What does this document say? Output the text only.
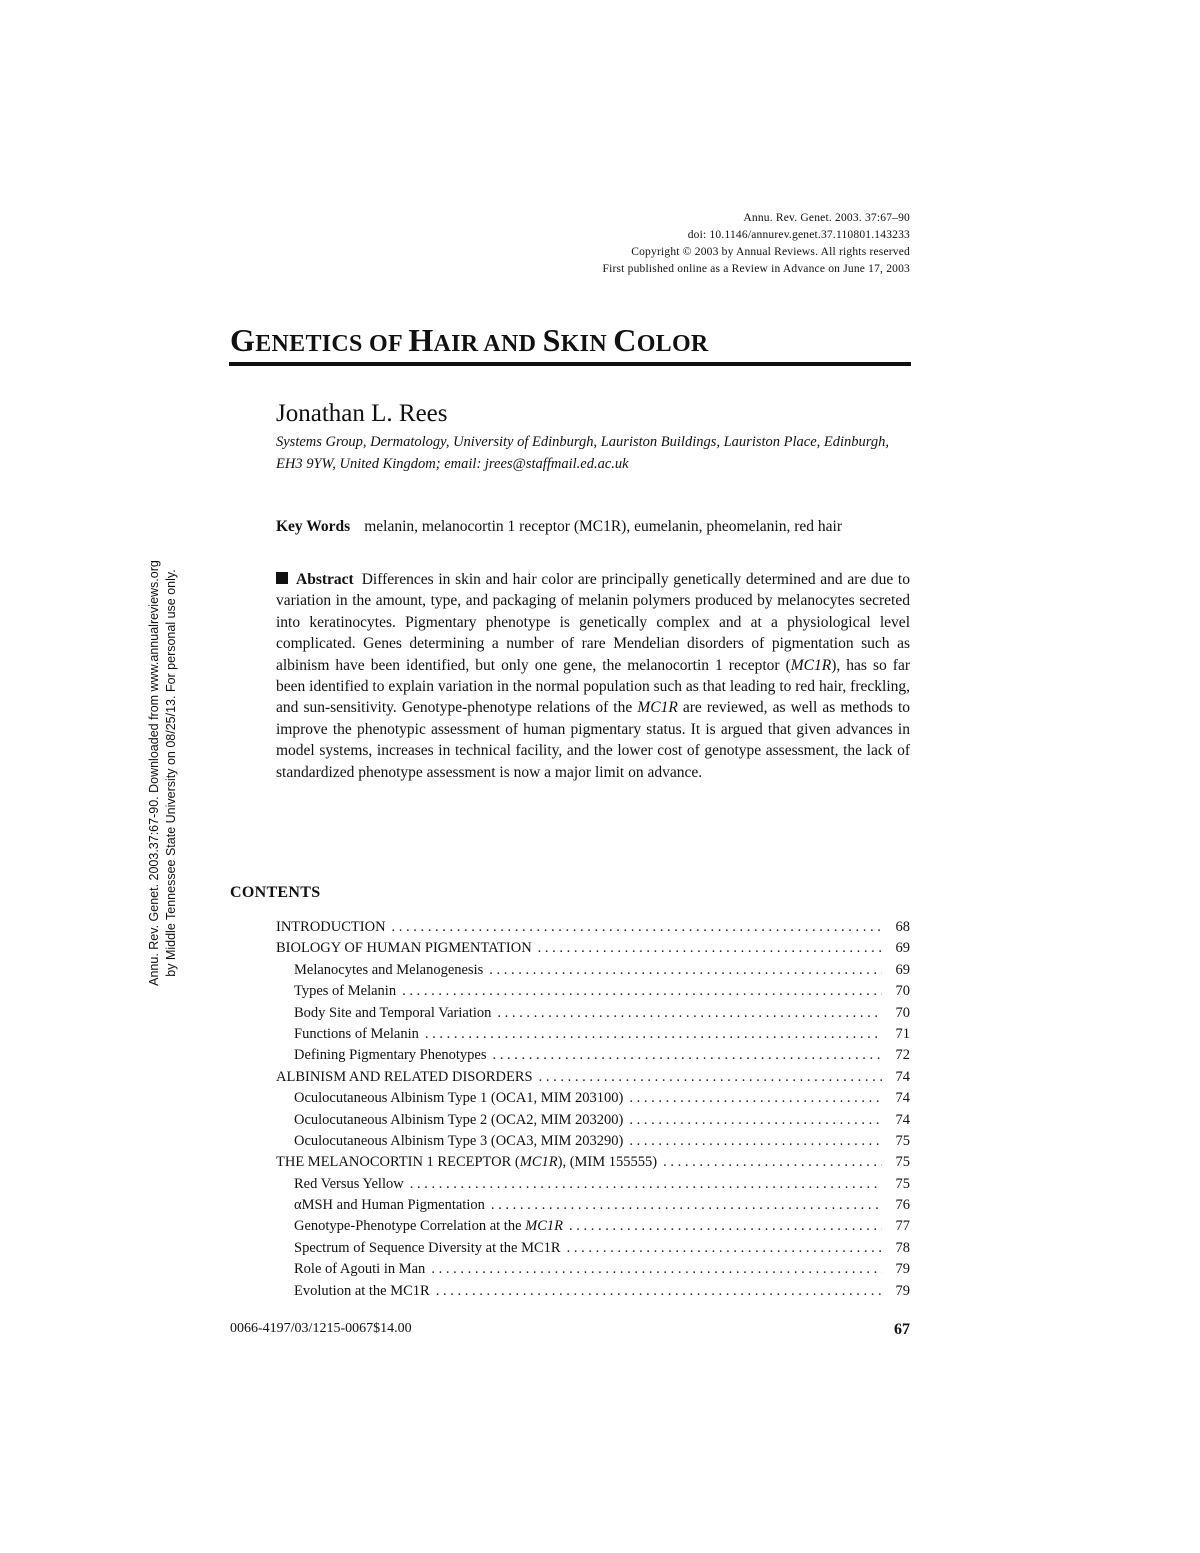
Annu. Rev. Genet. 2003. 37:67–90
doi: 10.1146/annurev.genet.37.110801.143233
Copyright © 2003 by Annual Reviews. All rights reserved
First published online as a Review in Advance on June 17, 2003
GENETICS OF HAIR AND SKIN COLOR
Jonathan L. Rees
Systems Group, Dermatology, University of Edinburgh, Lauriston Buildings, Lauriston Place, Edinburgh, EH3 9YW, United Kingdom; email: jrees@staffmail.ed.ac.uk
Key Words melanin, melanocortin 1 receptor (MC1R), eumelanin, pheomelanin, red hair
Abstract Differences in skin and hair color are principally genetically determined and are due to variation in the amount, type, and packaging of melanin polymers produced by melanocytes secreted into keratinocytes. Pigmentary phenotype is genetically complex and at a physiological level complicated. Genes determining a number of rare Mendelian disorders of pigmentation such as albinism have been identified, but only one gene, the melanocortin 1 receptor (MC1R), has so far been identified to explain variation in the normal population such as that leading to red hair, freckling, and sun-sensitivity. Genotype-phenotype relations of the MC1R are reviewed, as well as methods to improve the phenotypic assessment of human pigmentary status. It is argued that given advances in model systems, increases in technical facility, and the lower cost of genotype assessment, the lack of standardized phenotype assessment is now a major limit on advance.
CONTENTS
INTRODUCTION . . .	68
BIOLOGY OF HUMAN PIGMENTATION . . .	69
Melanocytes and Melanogenesis . . .	69
Types of Melanin . . .	70
Body Site and Temporal Variation . . .	70
Functions of Melanin . . .	71
Defining Pigmentary Phenotypes . . .	72
ALBINISM AND RELATED DISORDERS . . .	74
Oculocutaneous Albinism Type 1 (OCA1, MIM 203100) . . .	74
Oculocutaneous Albinism Type 2 (OCA2, MIM 203200) . . .	74
Oculocutaneous Albinism Type 3 (OCA3, MIM 203290) . . .	75
THE MELANOCORTIN 1 RECEPTOR (MC1R), (MIM 155555) . . .	75
Red Versus Yellow . . .	75
αMSH and Human Pigmentation . . .	76
Genotype-Phenotype Correlation at the MC1R . . .	77
Spectrum of Sequence Diversity at the MC1R . . .	78
Role of Agouti in Man . . .	79
Evolution at the MC1R . . .	79
0066-4197/03/1215-0067$14.00	67
Annu. Rev. Genet. 2003.37:67-90. Downloaded from www.annualreviews.org by Middle Tennessee State University on 08/25/13. For personal use only.
